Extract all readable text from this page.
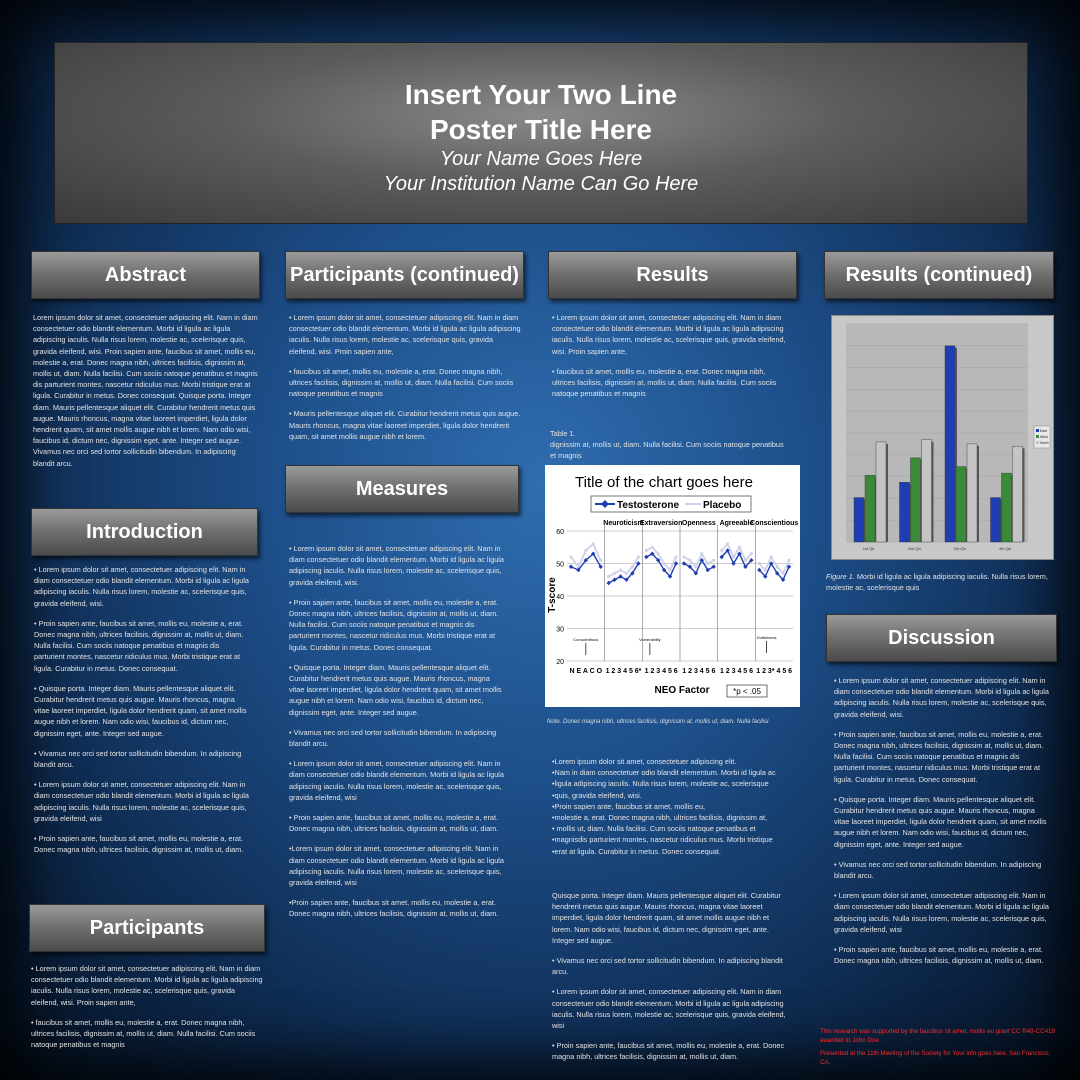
Insert Your Two Line
Poster Title Here
Your Name Goes Here
Your Institution Name Can Go Here
Abstract
Lorem ipsum dolor sit amet, consectetuer adipiscing elit. Nam in diam consectetuer odio blandit elementum. Morbi id ligula ac ligula adipiscing iaculis. Nulla risus lorem, molestie ac, scelerisque quis, gravida eleifend, wisi. Proin sapien ante, faucibus sit amet, mollis eu, molestie a, erat. Donec magna nibh, ultrices facilisis, dignissim at, mollis ut, diam. Nulla facilisi. Cum sociis natoque penatibus et magnis dis parturient montes, nascetur ridiculus mus. Morbi tristique erat at ligula. Curabitur in metus. Donec consequat. Quisque porta. Integer diam. Mauris pellentesque aliquet elit. Curabitur hendrerit metus quis augue. Mauris rhoncus, magna vitae laoreet imperdiet, ligula dolor hendrerit quam, sit amet mollis augue nibh et lorem. Nam odio wisi, faucibus id, dictum nec, dignissim eget, ante. Integer sed augue. Vivamus nec orci sed tortor sollicitudin bibendum. In adipiscing blandit arcu.
Introduction

• Lorem ipsum dolor sit amet, consectetuer adipiscing elit. Nam in diam consectetuer odio blandit elementum. Morbi id ligula ac ligula adipiscing iaculis. Nulla risus lorem, molestie ac, scelerisque quis, gravida eleifend, wisi.

• Proin sapien ante, faucibus sit amet, mollis eu, molestie a, erat. Donec magna nibh, ultrices facilisis, dignissim at, mollis ut, diam. Nulla facilisi. Cum sociis natoque penatibus et magnis dis parturient montes, nascetur ridiculus mus. Morbi tristique erat at ligula. Curabitur in metus. Donec consequat.

• Quisque porta. Integer diam. Mauris pellentesque aliquet elit. Curabitur hendrerit metus quis augue. Mauris rhoncus, magna vitae laoreet imperdiet, ligula dolor hendrerit quam, sit amet mollis augue nibh et lorem. Nam odio wisi, faucibus id, dictum nec, dignissim eget, ante. Integer sed augue.

• Vivamus nec orci sed tortor sollicitudin bibendum. In adipiscing blandit arcu.

• Lorem ipsum dolor sit amet, consectetuer adipiscing elit. Nam in diam consectetuer odio blandit elementum. Morbi id ligula ac ligula adipiscing iaculis. Nulla risus lorem, molestie ac, scelerisque quis, gravida eleifend, wisi

• Proin sapien ante, faucibus sit amet, mollis eu, molestie a, erat. Donec magna nibh, ultrices facilisis, dignissim at, mollis ut, diam.

Participants

• Lorem ipsum dolor sit amet, consectetuer adipiscing elit. Nam in diam consectetuer odio blandit elementum. Morbi id ligula ac ligula adipiscing iaculis. Nulla risus lorem, molestie ac, scelerisque quis, gravida eleifend, wisi. Proin sapien ante,

• faucibus sit amet, mollis eu, molestie a, erat. Donec magna nibh, ultrices facilisis, dignissim at, mollis ut, diam. Nulla facilisi. Cum sociis natoque penatibus et magnis

Participants (continued)

• Lorem ipsum dolor sit amet, consectetuer adipiscing elit. Nam in diam consectetuer odio blandit elementum. Morbi id ligula ac ligula adipiscing iaculis. Nulla risus lorem, molestie ac, scelerisque quis, gravida eleifend, wisi. Proin sapien ante,

• faucibus sit amet, mollis eu, molestie a, erat. Donec magna nibh, ultrices facilisis, dignissim at, mollis ut, diam. Nulla facilisi. Cum sociis natoque penatibus et magnis

• Mauris pellentesque aliquet elit. Curabitur hendrerit metus quis augue. Mauris rhoncus, magna vitae laoreet imperdiet, ligula dolor hendrerit quam, sit amet mollis augue nibh et lorem.

Measures

• Lorem ipsum dolor sit amet, consectetuer adipiscing elit. Nam in diam consectetuer odio blandit elementum. Morbi id ligula ac ligula adipiscing iaculis. Nulla risus lorem, molestie ac, scelerisque quis, gravida eleifend, wisi.

• Proin sapien ante, faucibus sit amet, mollis eu, molestie a, erat. Donec magna nibh, ultrices facilisis, dignissim at, mollis ut, diam. Nulla facilisi. Cum sociis natoque penatibus et magnis dis parturient montes, nascetur ridiculus mus. Morbi tristique erat at ligula. Curabitur in metus. Donec consequat.

• Quisque porta. Integer diam. Mauris pellentesque aliquet elit. Curabitur hendrerit metus quis augue. Mauris rhoncus, magna vitae laoreet imperdiet, ligula dolor hendrerit quam, sit amet mollis augue nibh et lorem. Nam odio wisi, faucibus id, dictum nec, dignissim eget, ante. Integer sed augue.

• Vivamus nec orci sed tortor sollicitudin bibendum. In adipiscing blandit arcu.

• Lorem ipsum dolor sit amet, consectetuer adipiscing elit. Nam in diam consectetuer odio blandit elementum. Morbi id ligula ac ligula adipiscing iaculis. Nulla risus lorem, molestie ac, scelerisque quis, gravida eleifend, wisi

• Proin sapien ante, faucibus sit amet, mollis eu, molestie a, erat. Donec magna nibh, ultrices facilisis, dignissim at, mollis ut, diam.

•Lorem ipsum dolor sit amet, consectetuer adipiscing elit. Nam in diam consectetuer odio blandit elementum. Morbi id ligula ac ligula adipiscing iaculis. Nulla risus lorem, molestie ac, scelerisque quis, gravida eleifend, wisi

•Proin sapien ante, faucibus sit amet, mollis eu, molestie a, erat. Donec magna nibh, ultrices facilisis, dignissim at, mollis ut, diam.

Results

• Lorem ipsum dolor sit amet, consectetuer adipiscing elit. Nam in diam consectetuer odio blandit elementum. Morbi id ligula ac ligula adipiscing iaculis. Nulla risus lorem, molestie ac, scelerisque quis, gravida eleifend, wisi. Proin sapien ante,

• faucibus sit amet, mollis eu, molestie a, erat. Donec magna nibh, ultrices facilisis, dignissim at, mollis ut, diam. Nulla facilisi. Cum sociis natoque penatibus et magnis

Table 1.
dignissim at, mollis ut, diam. Nulla facilisi. Cum sociis natoque penatibus et magnis
Title of the chart goes here
Testosterone Placebo
20
30
40
50
60
T-score
Neuroticism
Extraversion Openness Agreeable
Conscientious
N E A C O 1 2 3 4 5 6* 1 2 3 4 5 6 1 2 3 4 5 6 1 2 3 4 5 6 1 2 3* 4 5 6
Conscientious	Vulnerability	Dutifulness
NEO Factor	*p < .05
Note. Donec magna nibh, ultrices facilisis, dignissim at, mollis ut, diam. Nulla facilisi
•Lorem ipsum dolor sit amet, consectetuer adipiscing elit.
•Nam in diam consectetuer odio blandit elementum. Morbi id ligula ac
•ligula adipiscing iaculis. Nulla risus lorem, molestie ac, scelerisque
•quis, gravida eleifend, wisi.
•Proin sapien ante, faucibus sit amet, mollis eu,
•molestie a, erat. Donec magna nibh, ultrices facilisis, dignissim at,
• mollis ut, diam. Nulla facilisi. Cum sociis natoque penatibus et
•magnisdis parturient montes, nascetur ridiculus mus. Morbi tristique
•erat at ligula. Curabitur in metus. Donec consequat.

Quisque porta. Integer diam. Mauris pellentesque aliquet elit. Curabitur hendrerit metus quis augue. Mauris rhoncus, magna vitae laoreet imperdiet, ligula dolor hendrerit quam, sit amet mollis augue nibh et lorem. Nam odio wisi, faucibus id, dictum nec, dignissim eget, ante. Integer sed augue.

• Vivamus nec orci sed tortor sollicitudin bibendum. In adipiscing blandit arcu.

• Lorem ipsum dolor sit amet, consectetuer adipiscing elit. Nam in diam consectetuer odio blandit elementum. Morbi id ligula ac ligula adipiscing iaculis. Nulla risus lorem, molestie ac, scelerisque quis, gravida eleifend, wisi

• Proin sapien ante, faucibus sit amet, mollis eu, molestie a, erat. Donec magna nibh, ultrices facilisis, dignissim at, mollis ut, diam.

Results (continued)
1st Qtr	2nd Qtr	3rd Qtr	4th Qtr
East
West
North
Figure 1. Morbi id ligula ac ligula adipiscing iaculis. Nulla risus lorem, molestie ac, scelerisque quis
Discussion

• Lorem ipsum dolor sit amet, consectetuer adipiscing elit. Nam in diam consectetuer odio blandit elementum. Morbi id ligula ac ligula adipiscing iaculis. Nulla risus lorem, molestie ac, scelerisque quis, gravida eleifend, wisi.

• Proin sapien ante, faucibus sit amet, mollis eu, molestie a, erat. Donec magna nibh, ultrices facilisis, dignissim at, mollis ut, diam. Nulla facilisi. Cum sociis natoque penatibus et magnis dis parturient montes, nascetur ridiculus mus. Morbi tristique erat at ligula. Curabitur in metus. Donec consequat.

• Quisque porta. Integer diam. Mauris pellentesque aliquet elit. Curabitur hendrerit metus quis augue. Mauris rhoncus, magna vitae laoreet imperdiet, ligula dolor hendrerit quam, sit amet mollis augue nibh et lorem. Nam odio wisi, faucibus id, dictum nec, dignissim eget, ante. Integer sed augue.

• Vivamus nec orci sed tortor sollicitudin bibendum. In adipiscing blandit arcu.

• Lorem ipsum dolor sit amet, consectetuer adipiscing elit. Nam in diam consectetuer odio blandit elementum. Morbi id ligula ac ligula adipiscing iaculis. Nulla risus lorem, molestie ac, scelerisque quis, gravida eleifend, wisi

• Proin sapien ante, faucibus sit amet, mollis eu, molestie a, erat. Donec magna nibh, ultrices facilisis, dignissim at, mollis ut, diam.

This research was supported by the faucibus sit amet, mollis eu grant CC R49-CC419 awarded to John Doe.
Presented at the 11th Meeting of the Society for Your info goes here, San Francisco, CA.
